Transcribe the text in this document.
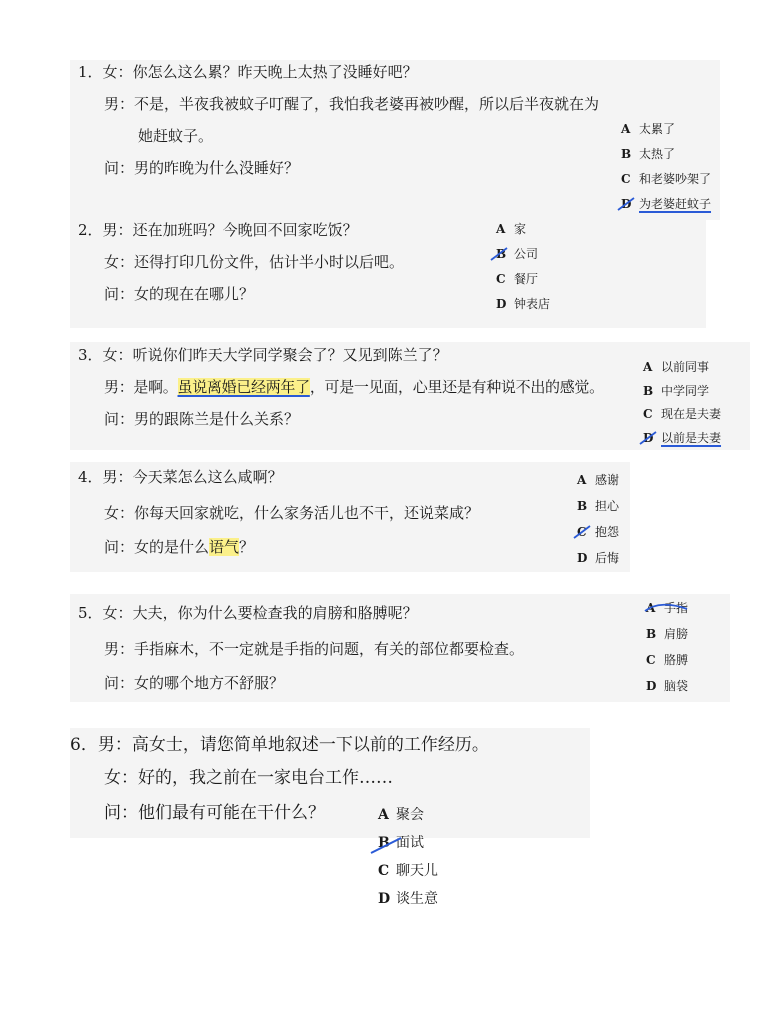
1．女：你怎么这么累？昨天晚上太热了没睡好吧？
男：不是，半夜我被蚊子叮醒了，我怕我老婆再被吵醒，所以后半夜就在为
她赶蚊子。
问：男的昨晚为什么没睡好？
A 太累了
B 太热了
C 和老婆吵架了
D 为老婆赶蚊子
2．男：还在加班吗？今晚回不回家吃饭？
女：还得打印几份文件，估计半小时以后吧。
问：女的现在在哪儿？
A 家
B 公司
C 餐厅
D 钟表店
3．女：听说你们昨天大学同学聚会了？又见到陈兰了？
男：是啊。虽说离婚已经两年了，可是一见面，心里还是有种说不出的感觉。
问：男的跟陈兰是什么关系？
A 以前同事
B 中学同学
C 现在是夫妻
D 以前是夫妻
4．男：今天菜怎么这么咸啊？
女：你每天回家就吃，什么家务活儿也不干，还说菜咸？
问：女的是什么语气？
A 感谢
B 担心
C 抱怨
D 后悔
5．女：大夫，你为什么要检查我的肩膀和胳膊呢？
男：手指麻木，不一定就是手指的问题，有关的部位都要检查。
问：女的哪个地方不舒服？
A 手指
B 肩膀
C 胳膊
D 脑袋
6．男：高女士，请您简单地叙述一下以前的工作经历。
女：好的，我之前在一家电台工作……
问：他们最有可能在干什么？	A 聚会
B 面试
C 聊天儿
D 谈生意
